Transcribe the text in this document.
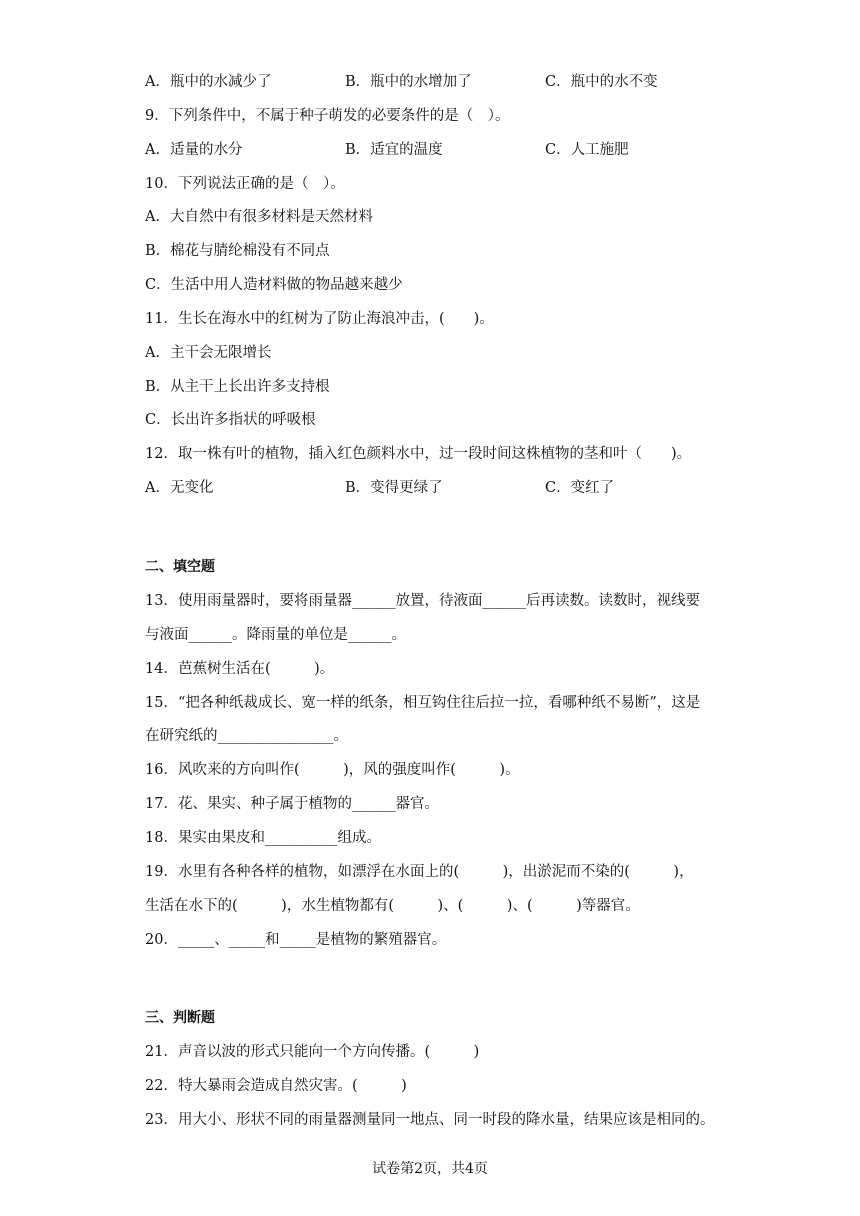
A．瓶中的水减少了	B．瓶中的水增加了	C．瓶中的水不变
9．下列条件中，不属于种子萌发的必要条件的是（　）。
A．适量的水分	B．适宜的温度	C．人工施肥
10．下列说法正确的是（　）。
A．大自然中有很多材料是天然材料
B．棉花与腈纶棉没有不同点
C．生活中用人造材料做的物品越来越少
11．生长在海水中的红树为了防止海浪冲击，(　　)。
A．主干会无限增长
B．从主干上长出许多支持根
C．长出许多指状的呼吸根
12．取一株有叶的植物，插入红色颜料水中，过一段时间这株植物的茎和叶（　　)。
A．无变化	B．变得更绿了	C．变红了
二、填空题
13．使用雨量器时，要将雨量器______放置，待液面______后再读数。读数时，视线要
与液面______。降雨量的单位是______。
14．芭蕉树生活在(　　　)。
15．“把各种纸裁成长、宽一样的纸条，相互钩住往后拉一拉，看哪种纸不易断”，这是
在研究纸的________________。
16．风吹来的方向叫作(　　　)，风的强度叫作(　　　)。
17．花、果实、种子属于植物的______器官。
18．果实由果皮和__________组成。
19．水里有各种各样的植物，如漂浮在水面上的(　　　)，出淤泥而不染的(　　　)，
生活在水下的(　　　)，水生植物都有(　　　)、(　　　)、(　　　)等器官。
20．_____、_____和_____是植物的繁殖器官。
三、判断题
21．声音以波的形式只能向一个方向传播。(　　　)
22．特大暴雨会造成自然灾害。(　　　)
23．用大小、形状不同的雨量器测量同一地点、同一时段的降水量，结果应该是相同的。
试卷第2页，共4页
